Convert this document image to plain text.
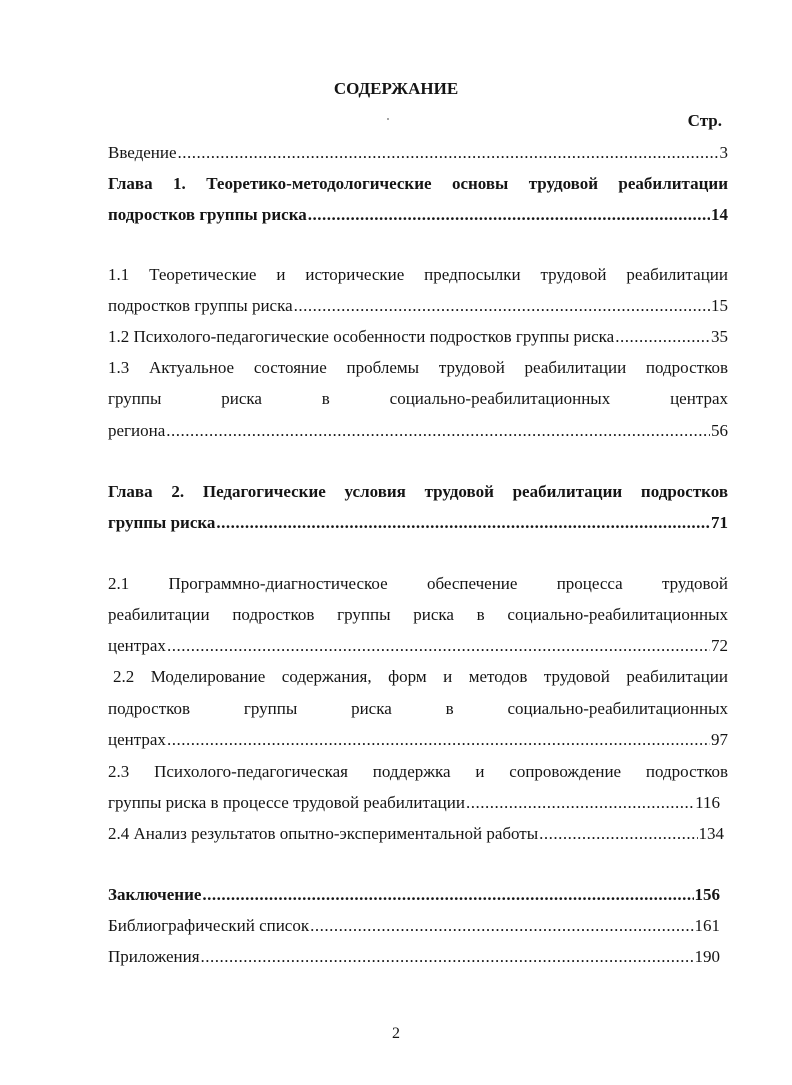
СОДЕРЖАНИЕ
Стр.
Введение .....	3
Глава 1. Теоретико-методологические основы трудовой реабилитации
подростков группы риска .....	14
1.1 Теоретические и исторические предпосылки трудовой реабилитации
подростков группы риска .....	15
1.2 Психолого-педагогические особенности подростков группы риска .....	35
1.3 Актуальное состояние проблемы трудовой реабилитации подростков
группы риска в социально-реабилитационных центрах
региона .....	56
Глава 2. Педагогические условия трудовой реабилитации подростков
группы риска .....	71
2.1 Программно-диагностическое обеспечение процесса трудовой
реабилитации подростков группы риска в социально-реабилитационных
центрах .....	72
2.2 Моделирование содержания, форм и методов трудовой реабилитации
подростков группы риска в социально-реабилитационных
центрах .....	97
2.3 Психолого-педагогическая поддержка и сопровождение подростков
группы риска в процессе трудовой реабилитации .....	116
2.4 Анализ результатов опытно-экспериментальной работы .....	134
Заключение .....	156
Библиографический список .....	161
Приложения .....	190
2
